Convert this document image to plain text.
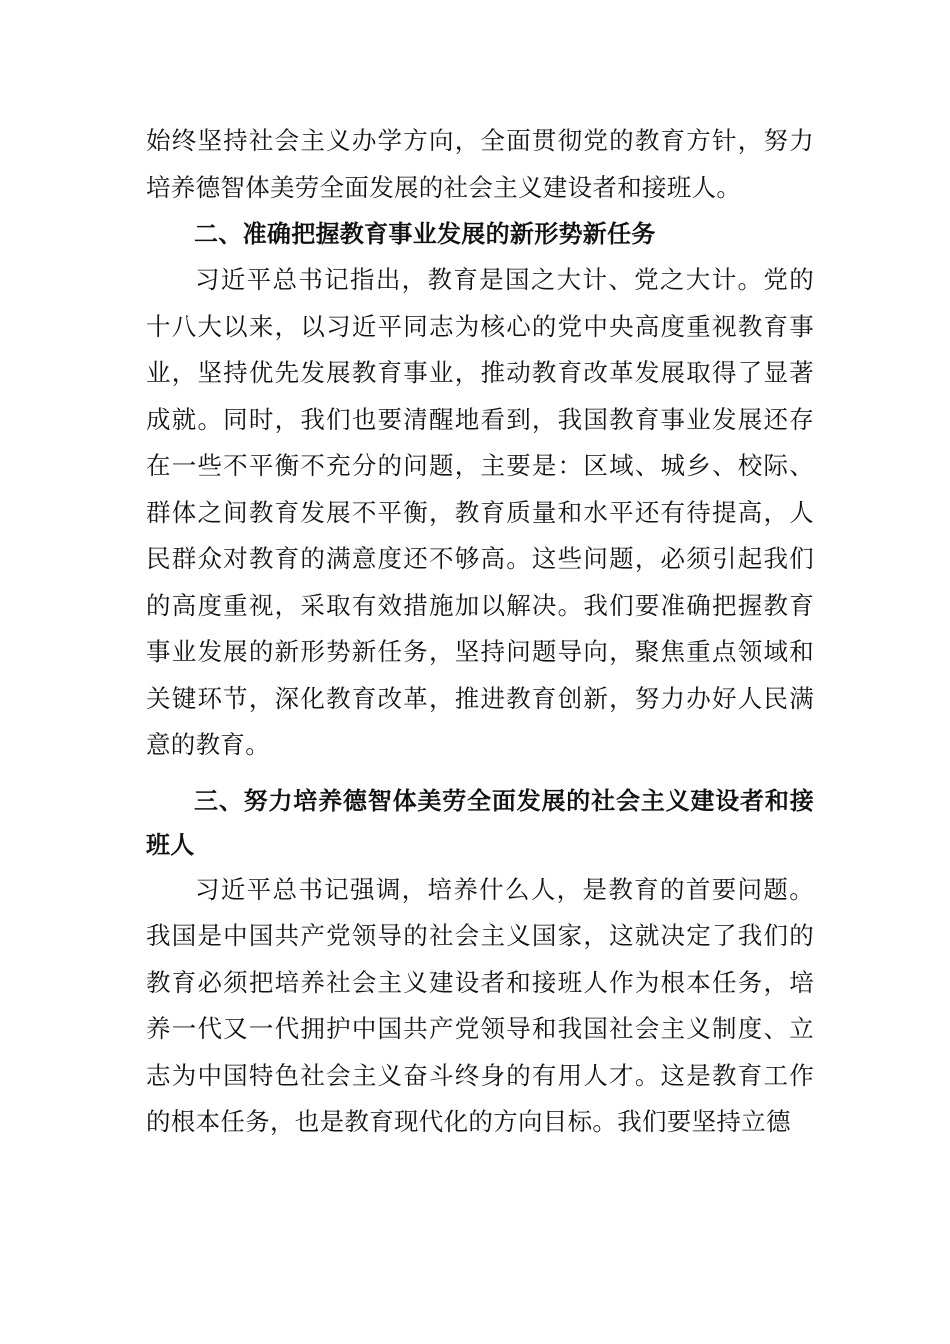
始终坚持社会主义办学方向，全面贯彻党的教育方针，努力培养德智体美劳全面发展的社会主义建设者和接班人。

二、准确把握教育事业发展的新形势新任务

习近平总书记指出，教育是国之大计、党之大计。党的十八大以来，以习近平同志为核心的党中央高度重视教育事业，坚持优先发展教育事业，推动教育改革发展取得了显著成就。同时，我们也要清醒地看到，我国教育事业发展还存在一些不平衡不充分的问题，主要是：区域、城乡、校际、群体之间教育发展不平衡，教育质量和水平还有待提高，人民群众对教育的满意度还不够高。这些问题，必须引起我们的高度重视，采取有效措施加以解决。我们要准确把握教育事业发展的新形势新任务，坚持问题导向，聚焦重点领域和关键环节，深化教育改革，推进教育创新，努力办好人民满意的教育。

三、努力培养德智体美劳全面发展的社会主义建设者和接班人

习近平总书记强调，培养什么人，是教育的首要问题。我国是中国共产党领导的社会主义国家，这就决定了我们的教育必须把培养社会主义建设者和接班人作为根本任务，培养一代又一代拥护中国共产党领导和我国社会主义制度、立志为中国特色社会主义奋斗终身的有用人才。这是教育工作的根本任务，也是教育现代化的方向目标。我们要坚持立德
